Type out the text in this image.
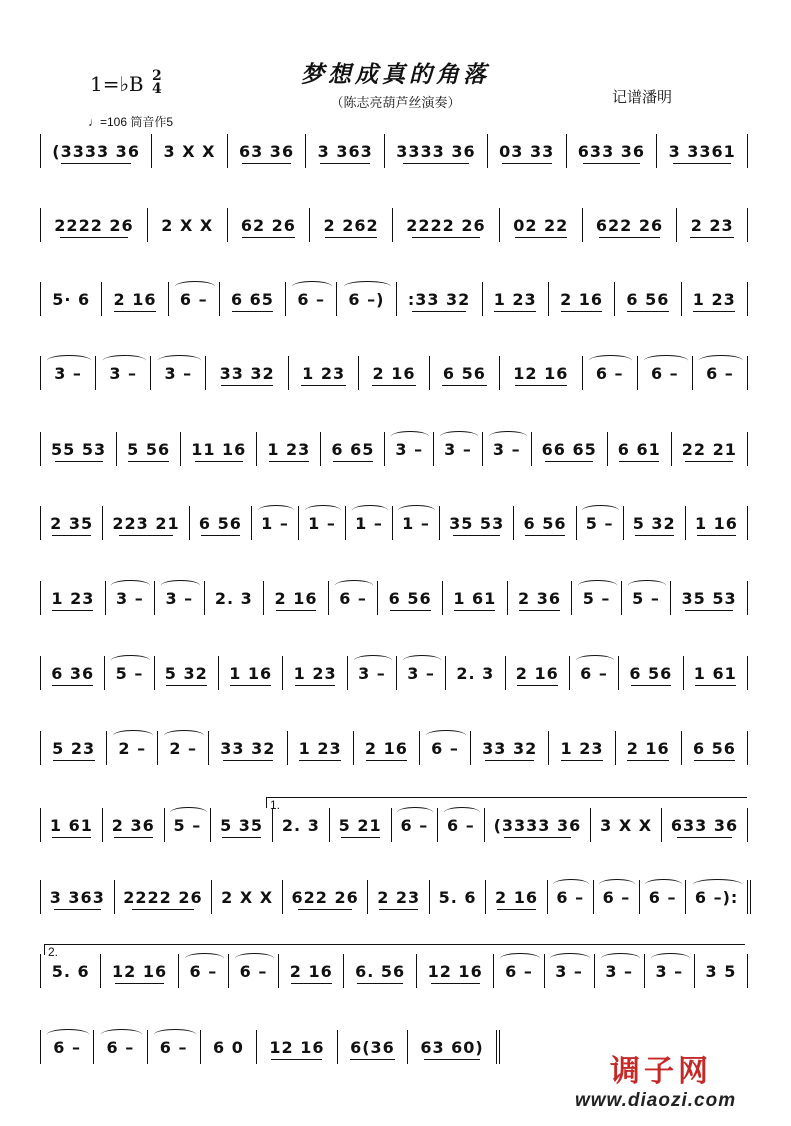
1=♭B 2
4
梦想成真的角落
（陈志亮葫芦丝演奏）	记谱潘明
♩=106 筒音作5
(3333 36	3 X X	63 36	3 363	3333 36	03 33	633 36	3 3361
2222 26	2 X X	62 26	2 262	2222 26	02 22	622 26	2 23
5· 6	2 16	6 –	6 65	6 –	6 –)	:33 32	1 23	2 16	6 56	1 23
3 –	3 –	3 –	33 32	1 23	2 16	6 56	12 16	6 –	6 –	6 –
55 53	5 56	11 16	1 23	6 65	3 –	3 –	3 –	66 65	6 61	22 21
2 35	223 21	6 56	1 –	1 –	1 –	1 –	35 53	6 56	5 –	5 32	1 16
1 23	3 –	3 –	2. 3	2 16	6 –	6 56	1 61	2 36	5 –	5 –	35 53
6 36	5 –	5 32	1 16	1 23	3 –	3 –	2. 3	2 16	6 –	6 56	1 61
5 23	2 –	2 –	33 32	1 23	2 16	6 –	33 32	1 23	2 16	6 56
1 61	2 36	5 –	5 35	2. 3	5 21	6 –	6 –	(3333 36	3 X X	633 36
3 363	2222 26	2 X X	622 26	2 23	5. 6	2 16	6 –	6 –	6 –	6 –):
5. 6	12 16	6 –	6 –	2 16	6. 56	12 16	6 –	3 –	3 –	3 –	3 5
6 –	6 –	6 –	6 0	12 16	6(36	63 60)
1.
2.
调子网
www.diaozi.com
